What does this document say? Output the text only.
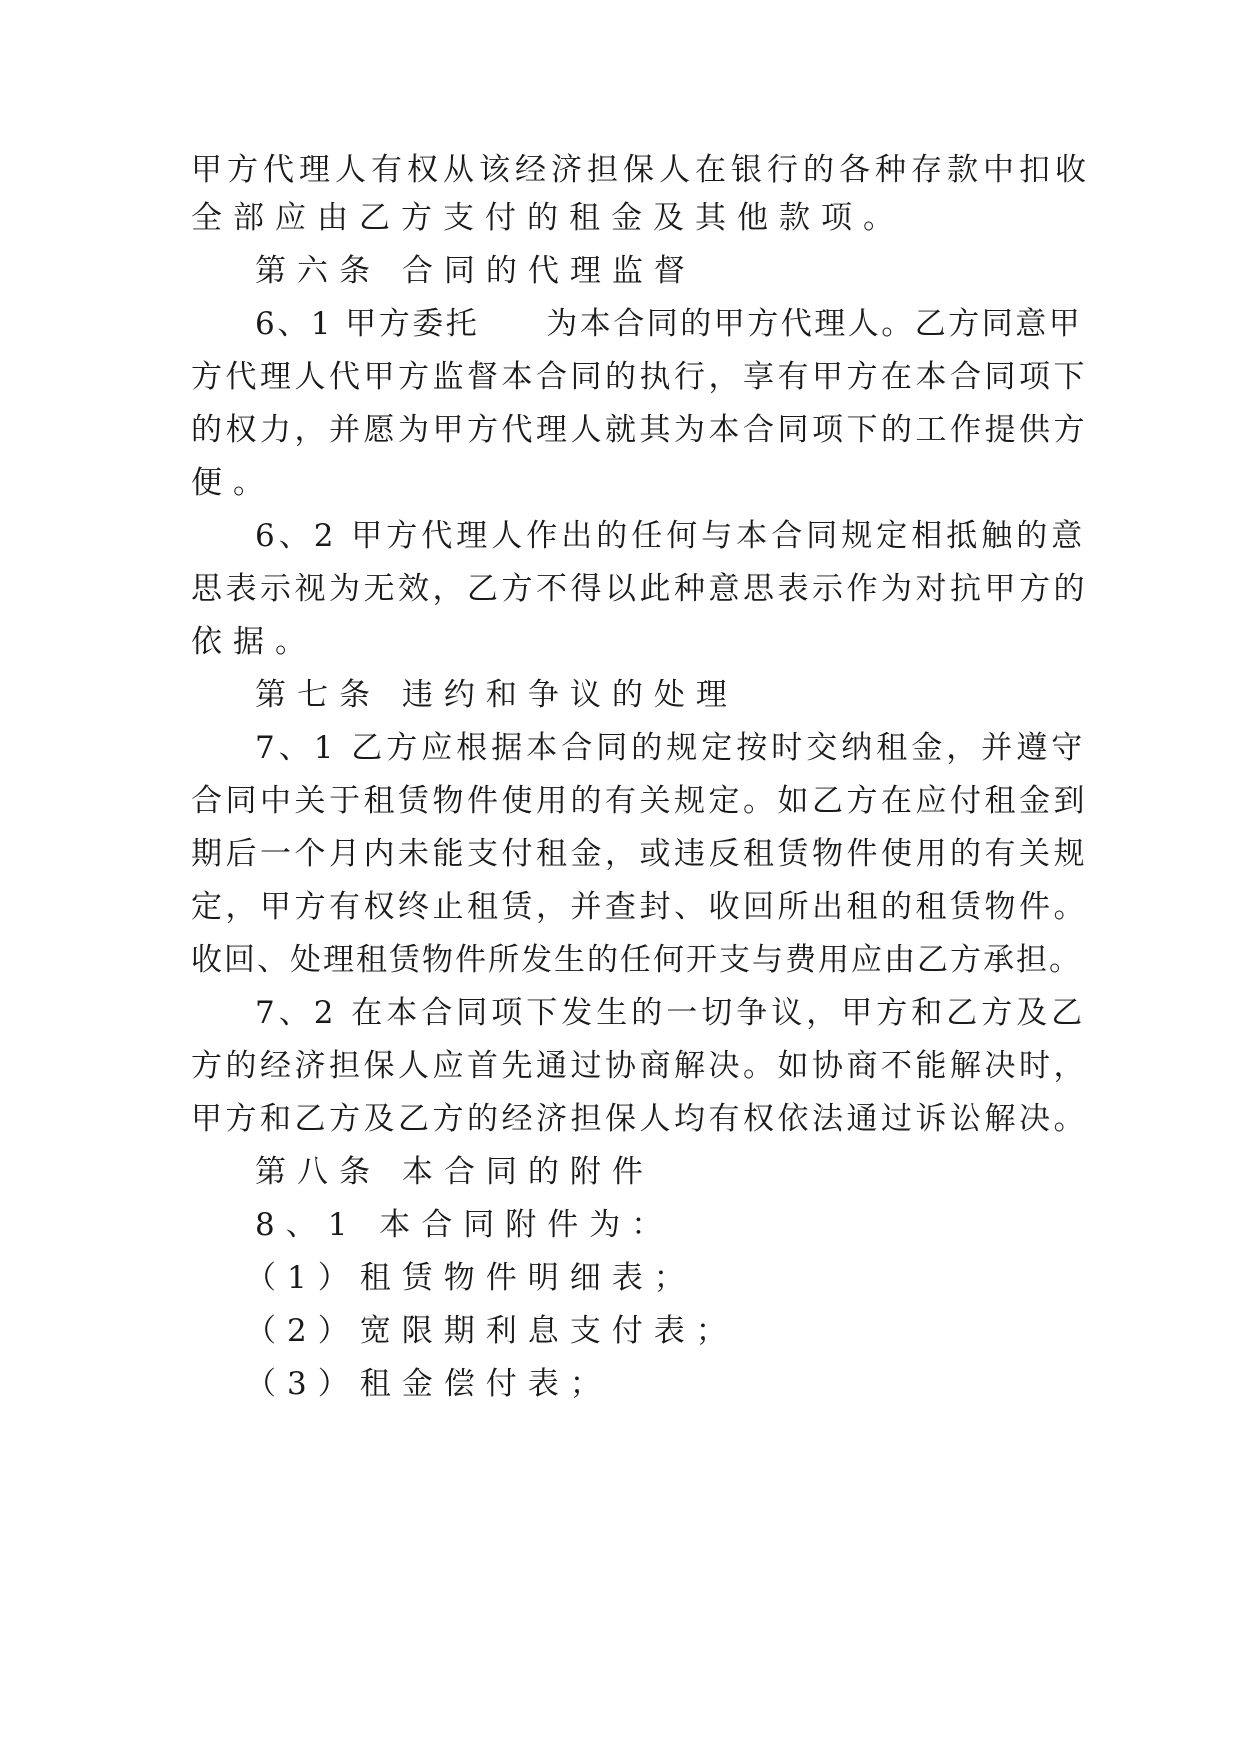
甲方代理人有权从该经济担保人在银行的各种存款中扣收
全部应由乙方支付的租金及其他款项。
第六条 合同的代理监督
6、1 甲方委托　　为本合同的甲方代理人。乙方同意甲
方代理人代甲方监督本合同的执行，享有甲方在本合同项下
的权力，并愿为甲方代理人就其为本合同项下的工作提供方
便。
6、2 甲方代理人作出的任何与本合同规定相抵触的意
思表示视为无效，乙方不得以此种意思表示作为对抗甲方的
依据。
第七条 违约和争议的处理
7、1 乙方应根据本合同的规定按时交纳租金，并遵守
合同中关于租赁物件使用的有关规定。如乙方在应付租金到
期后一个月内未能支付租金，或违反租赁物件使用的有关规
定，甲方有权终止租赁，并查封、收回所出租的租赁物件。
收回、处理租赁物件所发生的任何开支与费用应由乙方承担。
7、2 在本合同项下发生的一切争议，甲方和乙方及乙
方的经济担保人应首先通过协商解决。如协商不能解决时，
甲方和乙方及乙方的经济担保人均有权依法通过诉讼解决。
第八条 本合同的附件
8、1 本合同附件为：
（1）租赁物件明细表；
（2）宽限期利息支付表；
（3）租金偿付表；
